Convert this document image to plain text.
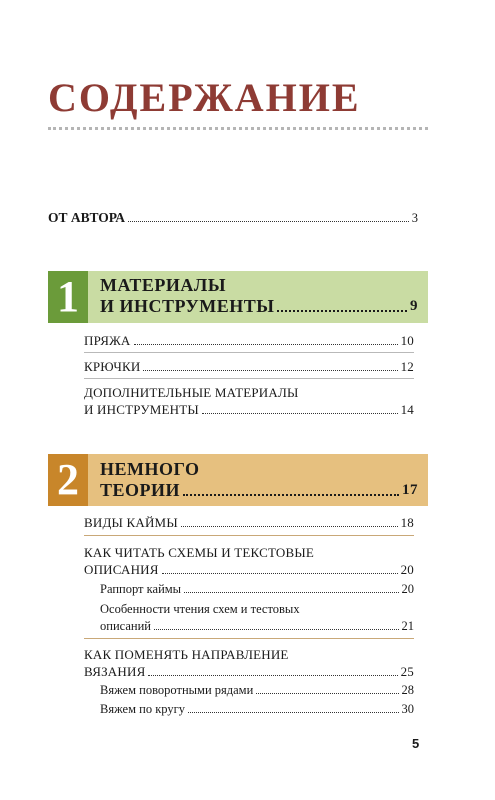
СОДЕРЖАНИЕ
ОТ АВТОРА	3
1	МАТЕРИАЛЫ
И ИНСТРУМЕНТЫ	9
ПРЯЖА	10
КРЮЧКИ	12
ДОПОЛНИТЕЛЬНЫЕ МАТЕРИАЛЫ
И ИНСТРУМЕНТЫ	14
2	НЕМНОГО
ТЕОРИИ	17
ВИДЫ КАЙМЫ	18
КАК ЧИТАТЬ СХЕМЫ И ТЕКСТОВЫЕ
ОПИСАНИЯ	20
Раппорт каймы	20
Особенности чтения схем и тестовых
описаний	21
КАК ПОМЕНЯТЬ НАПРАВЛЕНИЕ
ВЯЗАНИЯ	25
Вяжем поворотными рядами	28
Вяжем по кругу	30
5
